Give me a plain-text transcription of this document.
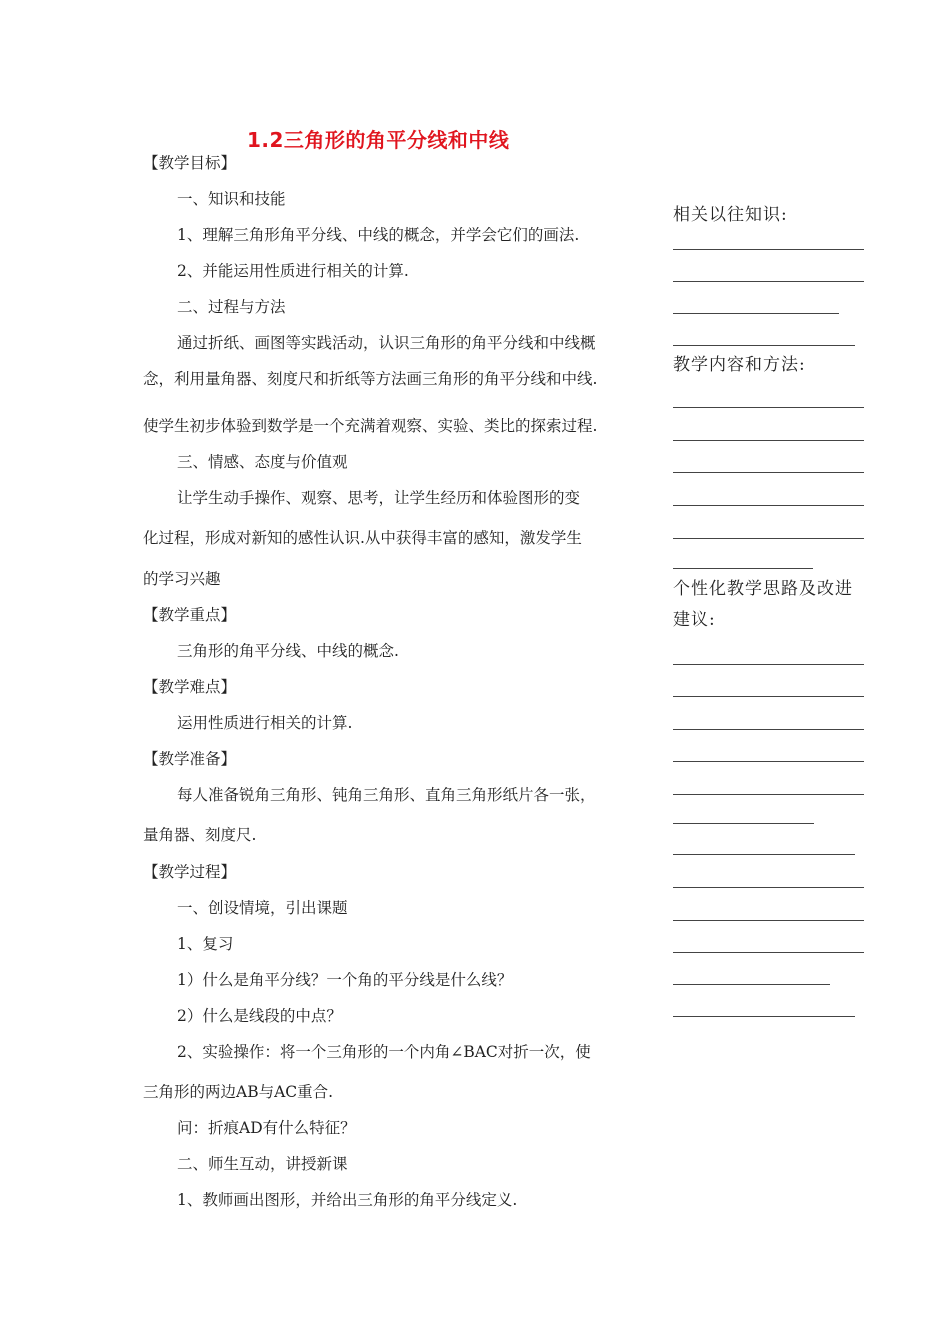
1.2三角形的角平分线和中线
【教学目标】
一、知识和技能
1、理解三角形角平分线、中线的概念，并学会它们的画法.
2、并能运用性质进行相关的计算.
二、过程与方法
通过折纸、画图等实践活动，认识三角形的角平分线和中线概
念，利用量角器、刻度尺和折纸等方法画三角形的角平分线和中线.
使学生初步体验到数学是一个充满着观察、实验、类比的探索过程.
三、情感、态度与价值观
让学生动手操作、观察、思考，让学生经历和体验图形的变
化过程，形成对新知的感性认识.从中获得丰富的感知，激发学生
的学习兴趣
【教学重点】
三角形的角平分线、中线的概念.
【教学难点】
运用性质进行相关的计算.
【教学准备】
每人准备锐角三角形、钝角三角形、直角三角形纸片各一张，
量角器、刻度尺.
【教学过程】
一、创设情境，引出课题
1、复习
1）什么是角平分线？一个角的平分线是什么线？
2）什么是线段的中点？
2、实验操作：将一个三角形的一个内角∠BAC对折一次，使
三角形的两边AB与AC重合.
问：折痕AD有什么特征？
二、师生互动，讲授新课
1、教师画出图形，并给出三角形的角平分线定义.
相关以往知识:
教学内容和方法:
个性化教学思路及改进
建议:
